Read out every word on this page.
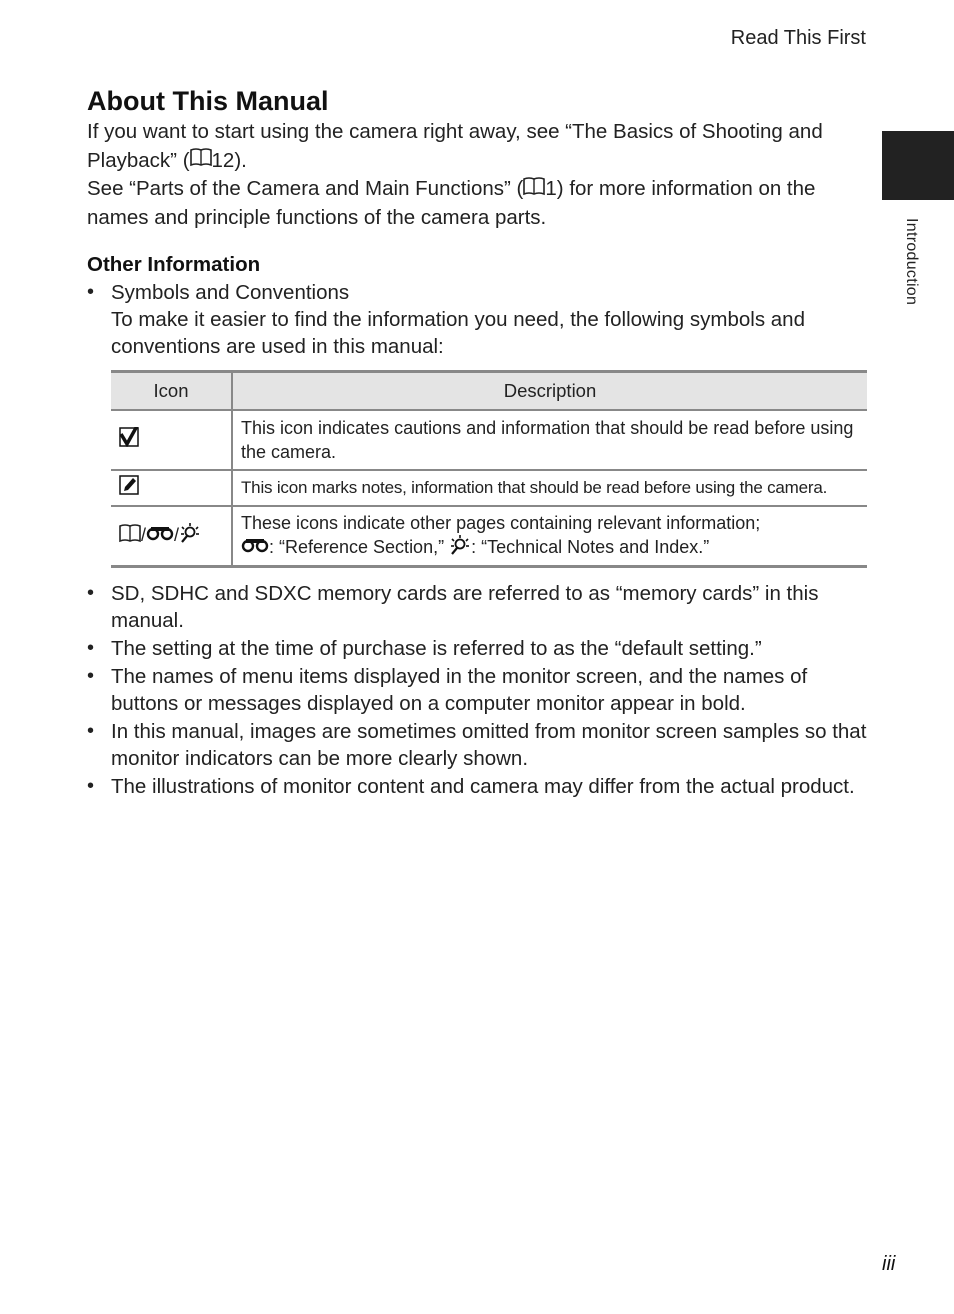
Read This First
Introduction
About This Manual

If you want to start using the camera right away, see “The Basics of Shooting and Playback” ( 12).

See “Parts of the Camera and Main Functions” ( 1) for more information on the names and principle functions of the camera parts.

Other Information
• Symbols and Conventions
To make it easier to find the information you need, the following symbols and conventions are used in this manual:
Icon	Description
	This icon indicates cautions and information that should be read before using the camera.
	This icon marks notes, information that should be read before using the camera.
/ /	These icons indicate other pages containing relevant information;
: “Reference Section,” : “Technical Notes and Index.”
• SD, SDHC and SDXC memory cards are referred to as “memory cards” in this manual.
• The setting at the time of purchase is referred to as the “default setting.”
• The names of menu items displayed in the monitor screen, and the names of buttons or messages displayed on a computer monitor appear in bold.
• In this manual, images are sometimes omitted from monitor screen samples so that monitor indicators can be more clearly shown.
• The illustrations of monitor content and camera may differ from the actual product.
iii
